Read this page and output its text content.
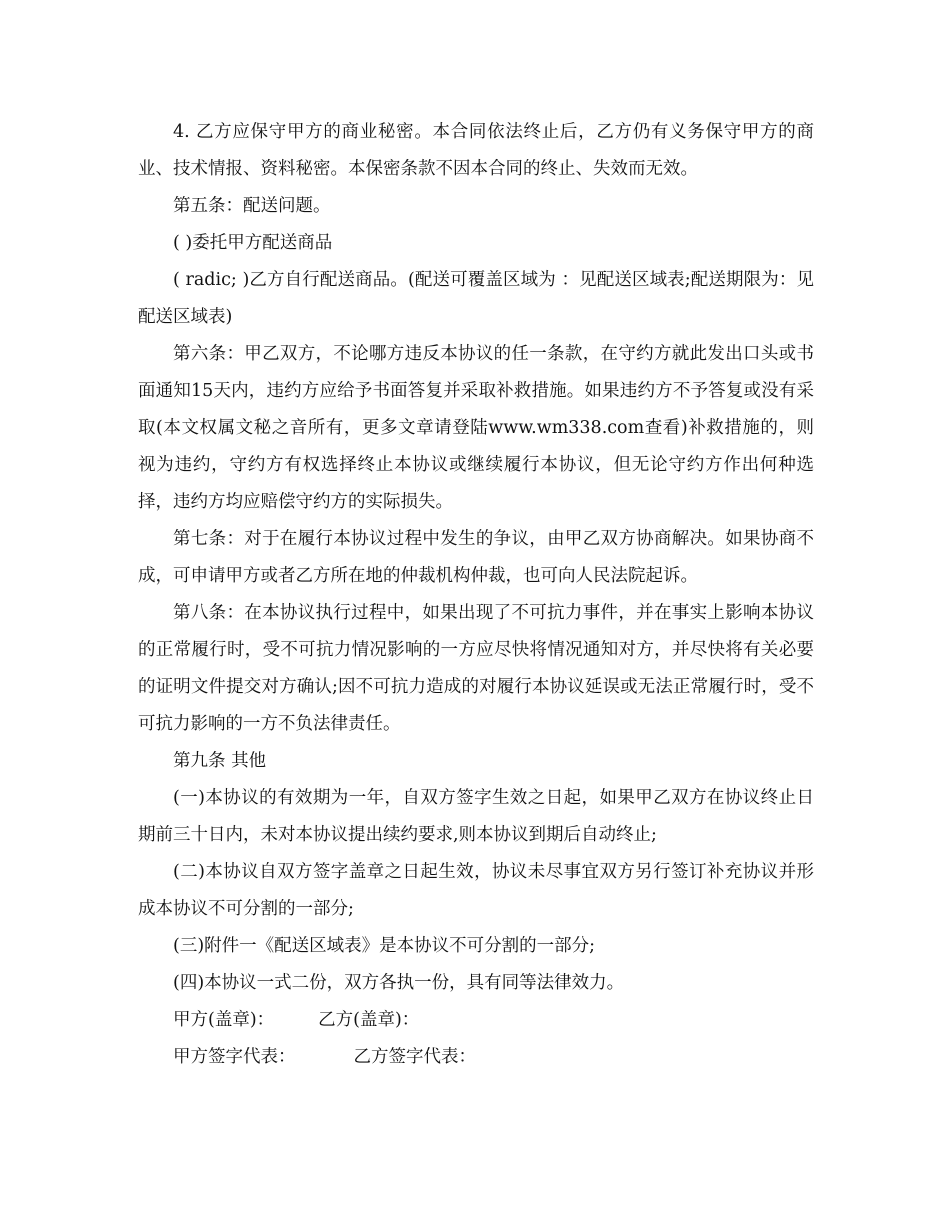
4. 乙方应保守甲方的商业秘密。本合同依法终止后，乙方仍有义务保守甲方的商业、技术情报、资料秘密。本保密条款不因本合同的终止、失效而无效。

第五条：配送问题。

( )委托甲方配送商品

( radic; )乙方自行配送商品。(配送可覆盖区域为 ：见配送区域表;配送期限为：见配送区域表)

第六条：甲乙双方，不论哪方违反本协议的任一条款，在守约方就此发出口头或书面通知15天内，违约方应给予书面答复并采取补救措施。如果违约方不予答复或没有采取(本文权属文秘之音所有，更多文章请登陆www.wm338.com查看)补救措施的，则视为违约，守约方有权选择终止本协议或继续履行本协议，但无论守约方作出何种选择，违约方均应赔偿守约方的实际损失。

第七条：对于在履行本协议过程中发生的争议，由甲乙双方协商解决。如果协商不成，可申请甲方或者乙方所在地的仲裁机构仲裁，也可向人民法院起诉。

第八条：在本协议执行过程中，如果出现了不可抗力事件，并在事实上影响本协议的正常履行时，受不可抗力情况影响的一方应尽快将情况通知对方，并尽快将有关必要的证明文件提交对方确认;因不可抗力造成的对履行本协议延误或无法正常履行时，受不可抗力影响的一方不负法律责任。

第九条 其他

(一)本协议的有效期为一年，自双方签字生效之日起，如果甲乙双方在协议终止日期前三十日内，未对本协议提出续约要求,则本协议到期后自动终止;

(二)本协议自双方签字盖章之日起生效，协议未尽事宜双方另行签订补充协议并形成本协议不可分割的一部分;

(三)附件一《配送区域表》是本协议不可分割的一部分;

(四)本协议一式二份，双方各执一份，具有同等法律效力。

甲方(盖章)：	乙方(盖章)：
甲方签字代表：	乙方签字代表：
